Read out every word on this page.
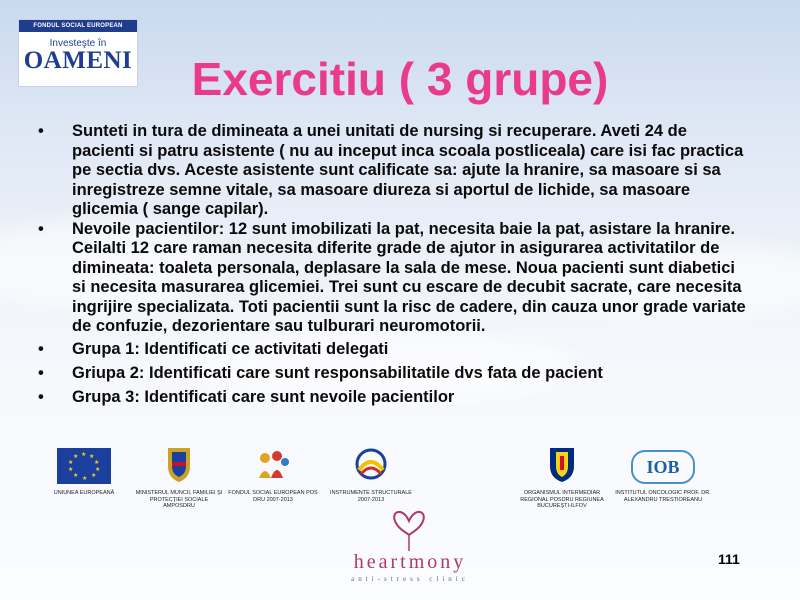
FONDUL SOCIAL EUROPEAN
Investeşte în
OAMENI	Exercitiu ( 3 grupe)
• Sunteti in tura de dimineata a unei unitati de nursing si recuperare. Aveti 24 de pacienti si patru asistente ( nu au inceput inca scoala postliceala) care isi fac practica pe sectia dvs. Aceste asistente sunt calificate sa: ajute la hranire, sa masoare si sa inregistreze semne vitale, sa masoare diureza si aportul de lichide, sa masoare glicemia ( sange capilar).
• Nevoile pacientilor: 12 sunt imobilizati la pat, necesita baie la pat, asistare la hranire. Ceilalti 12 care raman necesita diferite grade de ajutor in asigurarea activitatilor de dimineata: toaleta personala, deplasare la sala de mese. Noua pacienti sunt diabetici si necesita masurarea glicemiei. Trei sunt cu escare de decubit sacrate, care necesita ingrijire specializata. Toti pacientii sunt la risc de cadere, din cauza unor grade variate de confuzie, dezorientare sau tulburari neuromotorii.
• Grupa 1: Identificati ce activitati delegati
• Griupa 2: Identificati care sunt responsabilitatile dvs fata de pacient
• Grupa 3: Identificati care sunt nevoile pacientilor
★ ★
★
★
★
★
★
★
★
★
UNIUNEA EUROPEANĂ	MINISTERUL MUNCII, FAMILIEI ŞI PROTECŢIEI SOCIALE AMPOSDRU
FONDUL SOCIAL EUROPEAN POS DRU 2007-2013
INSTRUMENTE STRUCTURALE 2007-2013
ORGANISMUL INTERMEDIAR REGIONAL POSDRU REGIUNEA BUCUREŞTI-ILFOV
IOB
INSTITUTUL ONCOLOGIC PROF. DR. ALEXANDRU TRESTIOREANU
heartmony
anti-stress clinic
111
